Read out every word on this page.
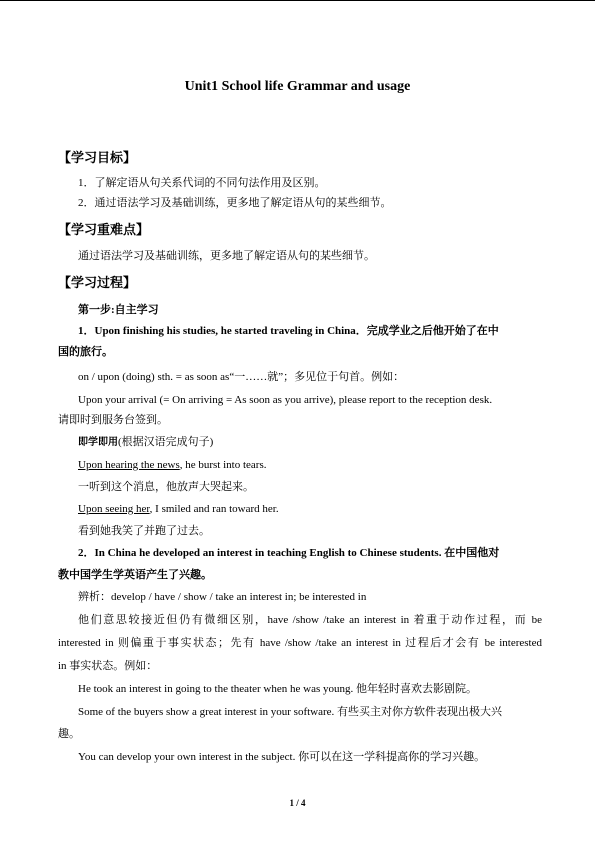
Unit1 School life Grammar and usage

【学习目标】

1．了解定语从句关系代词的不同句法作用及区别。

2．通过语法学习及基础训练，更多地了解定语从句的某些细节。

【学习重难点】

通过语法学习及基础训练，更多地了解定语从句的某些细节。

【学习过程】

第一步:自主学习

1．Upon finishing his studies, he started traveling in China．完成学业之后他开始了在中

国的旅行。

on / upon (doing) sth. = as soon as“一……就”；多见位于句首。例如：

Upon your arrival (= On arriving = As soon as you arrive), please report to the reception desk.

请即时到服务台签到。

即学即用(根据汉语完成句子)

Upon hearing the news, he burst into tears.

一听到这个消息，他放声大哭起来。

Upon seeing her, I smiled and ran toward her.

看到她我笑了并跑了过去。

2．In China he developed an interest in teaching English to Chinese students. 在中国他对

教中国学生学英语产生了兴趣。

辨析：develop / have / show / take an interest in; be interested in

他们意思较接近但仍有微细区别，have /show /take an interest in 着重于动作过程，而 be

interested in 则偏重于事实状态；先有 have /show /take an interest in 过程后才会有 be interested

in 事实状态。例如：

He took an interest in going to the theater when he was young. 他年轻时喜欢去影剧院。

Some of the buyers show a great interest in your software. 有些买主对你方软件表现出极大兴

趣。

You can develop your own interest in the subject. 你可以在这一学科提高你的学习兴趣。

1 / 4
